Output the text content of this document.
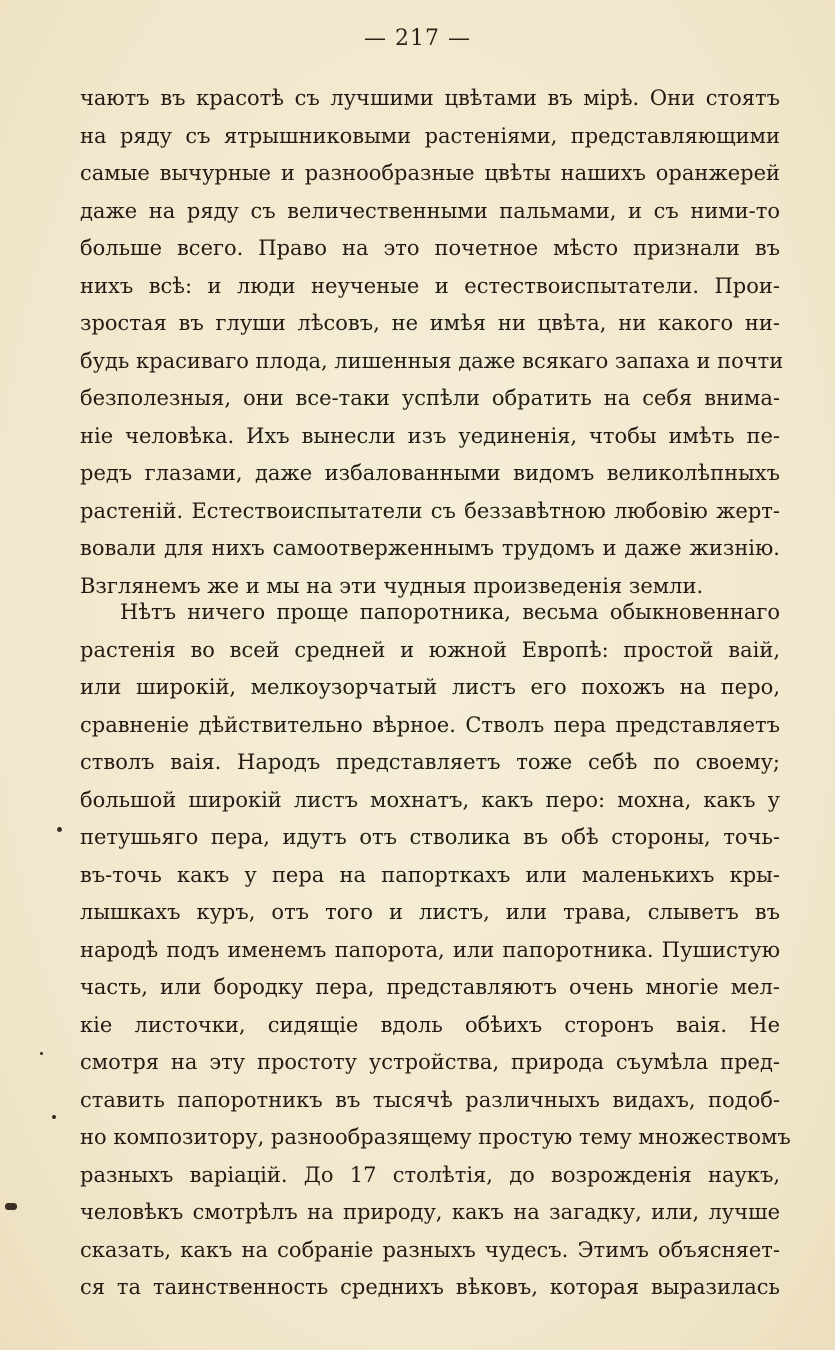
— 217 —
чаютъ въ красотѣ съ лучшими цвѣтами въ мірѣ. Они стоятъ
на ряду съ ятрышниковыми растеніями, представляющими
самые вычурные и разнообразные цвѣты нашихъ оранжерей
даже на ряду съ величественными пальмами, и съ ними-то
больше всего. Право на это почетное мѣсто признали въ
нихъ всѣ: и люди неученые и естествоиспытатели. Прои-
зростая въ глуши лѣсовъ, не имѣя ни цвѣта, ни какого ни-
будь красиваго плода, лишенныя даже всякаго запаха и почти
безполезныя, они все-таки успѣли обратить на себя внима-
ніе человѣка. Ихъ вынесли изъ уединенія, чтобы имѣть пе-
редъ глазами, даже избалованными видомъ великолѣпныхъ
растеній. Естествоиспытатели съ беззавѣтною любовію жерт-
вовали для нихъ самоотверженнымъ трудомъ и даже жизнію.
Взглянемъ же и мы на эти чудныя произведенія земли.
Нѣтъ ничего проще папоротника, весьма обыкновеннаго
растенія во всей средней и южной Европѣ: простой ваій,
или широкій, мелкоузорчатый листъ его похожъ на перо,
сравненіе дѣйствительно вѣрное. Стволъ пера представляетъ
стволъ ваія. Народъ представляетъ тоже себѣ по своему;
большой широкій листъ мохнатъ, какъ перо: мохна, какъ у
петушьяго пера, идутъ отъ стволика въ обѣ стороны, точь-
въ-точь какъ у пера на папорткахъ или маленькихъ кры-
лышкахъ куръ, отъ того и листъ, или трава, слыветъ въ
народѣ подъ именемъ папорота, или папоротника. Пушистую
часть, или бородку пера, представляютъ очень многіе мел-
кіе листочки, сидящіе вдоль обѣихъ сторонъ ваія. Не
смотря на эту простоту устройства, природа съумѣла пред-
ставить папоротникъ въ тысячѣ различныхъ видахъ, подоб-
но композитору, разнообразящему простую тему множествомъ
разныхъ варіацій. До 17 столѣтія, до возрожденія наукъ,
человѣкъ смотрѣлъ на природу, какъ на загадку, или, лучше
сказать, какъ на собраніе разныхъ чудесъ. Этимъ объясняет-
ся та таинственность среднихъ вѣковъ, которая выразилась
